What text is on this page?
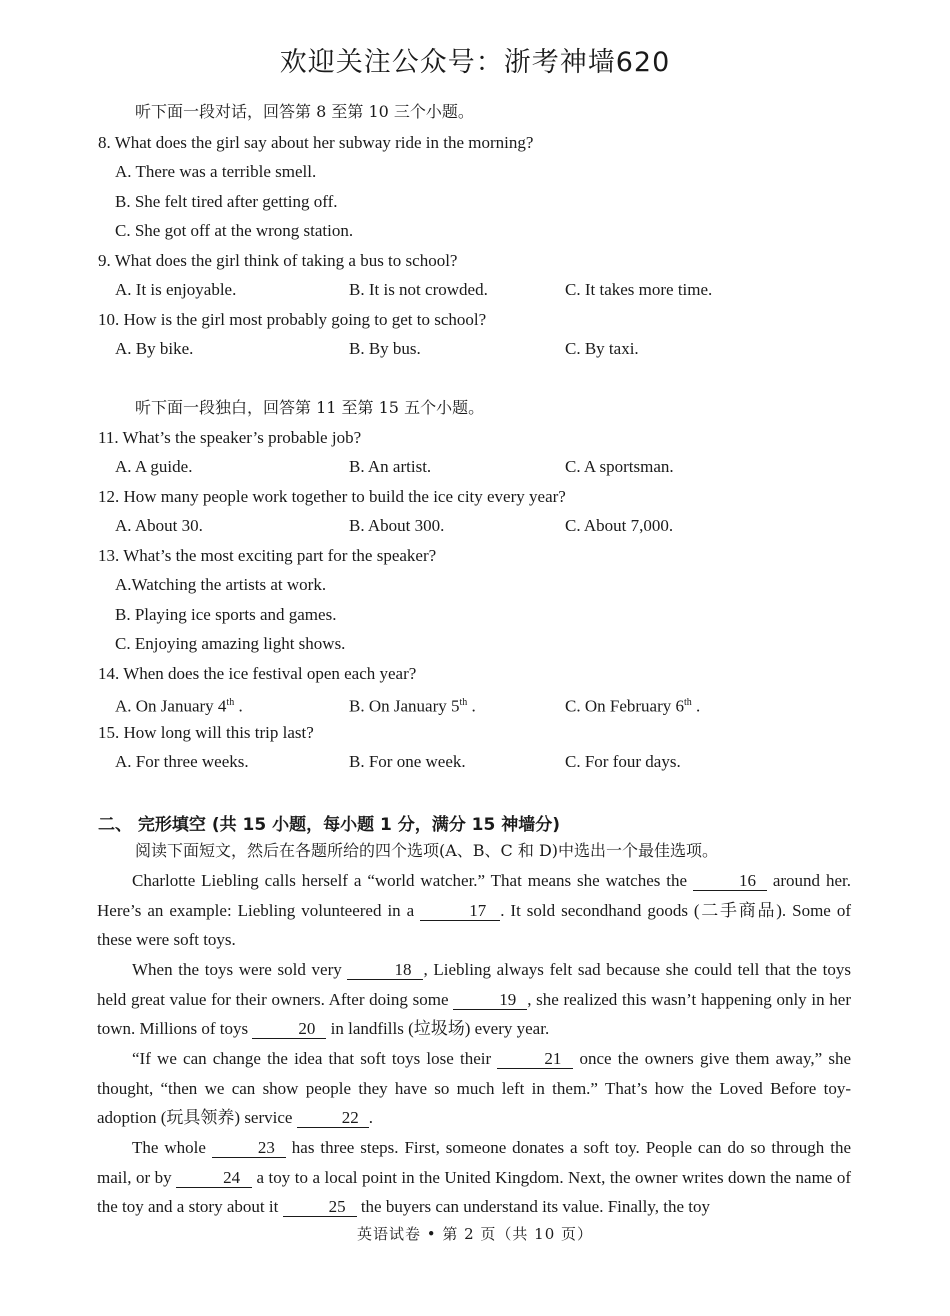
欢迎关注公众号：浙考神墙620
听下面一段对话，回答第 8 至第 10 三个小题。
8. What does the girl say about her subway ride in the morning?
A. There was a terrible smell.
B. She felt tired after getting off.
C. She got off at the wrong station.
9. What does the girl think of taking a bus to school?
A. It is enjoyable.	B. It is not crowded.	C. It takes more time.
10. How is the girl most probably going to get to school?
A. By bike.	B. By bus.	C. By taxi.
听下面一段独白，回答第 11 至第 15 五个小题。
11. What’s the speaker’s probable job?
A. A guide.	B. An artist.	C. A sportsman.
12. How many people work together to build the ice city every year?
A. About 30.	B. About 300.	C. About 7,000.
13. What’s the most exciting part for the speaker?
A.Watching the artists at work.
B. Playing ice sports and games.
C. Enjoying amazing light shows.
14. When does the ice festival open each year?
A. On January 4th .	B. On January 5th .	C. On February 6th .
15. How long will this trip last?
A. For three weeks.	B. For one week.	C. For four days.
二、 完形填空 (共 15 小题，每小题 1 分，满分 15 神墙分)
阅读下面短文，然后在各题所给的四个选项(A、B、C 和 D)中选出一个最佳选项。
Charlotte Liebling calls herself a “world watcher.” That means she watches the	16 around her. Here’s an example: Liebling volunteered in a	17 . It sold secondhand goods (二手商品). Some of these were soft toys.
When the toys were sold very	18 , Liebling always felt sad because she could tell that the toys held great value for their owners. After doing some	19 , she realized this wasn’t happening only in her town. Millions of toys	20 in landfills (垃圾场) every year.
“If we can change the idea that soft toys lose their	21 once the owners give them away,” she thought, “then we can show people they have so much left in them.” That’s how the Loved Before toy-adoption (玩具领养) service	22 .
The whole	23 has three steps. First, someone donates a soft toy. People can do so through the mail, or by	24 a toy to a local point in the United Kingdom. Next, the owner writes down the name of the toy and a story about it	25 the buyers can understand its value. Finally, the toy
英语试卷 • 第 2 页（共 10 页）
